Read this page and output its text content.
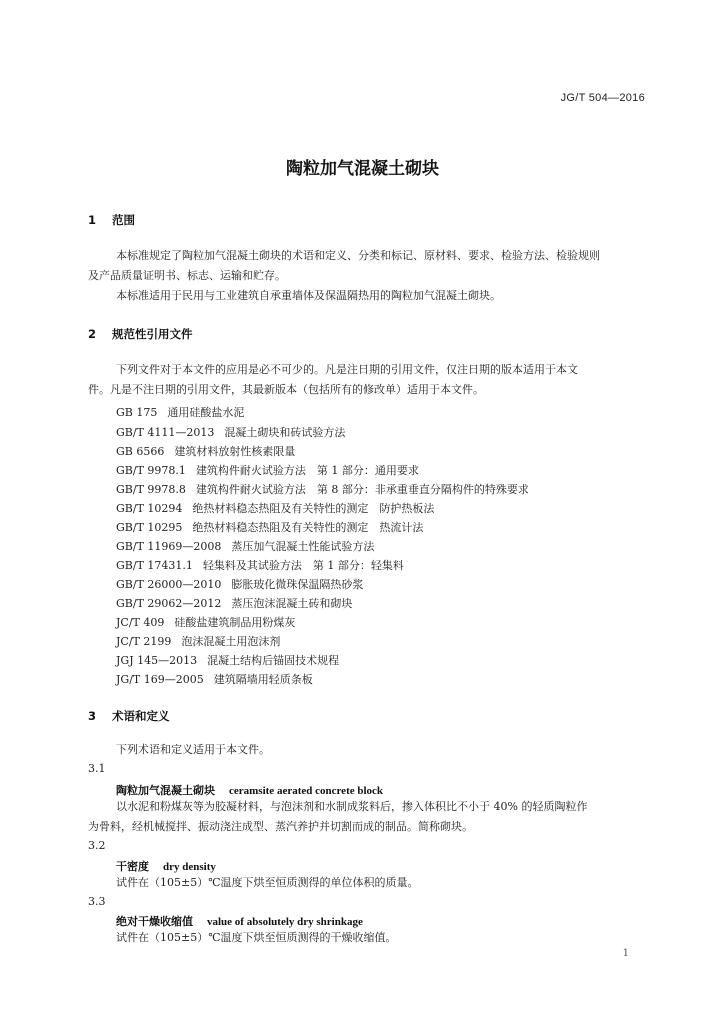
JG/T 504—2016
陶粒加气混凝土砌块
1 范围
本标准规定了陶粒加气混凝土砌块的术语和定义、分类和标记、原材料、要求、检验方法、检验规则
及产品质量证明书、标志、运输和贮存。
本标准适用于民用与工业建筑自承重墙体及保温隔热用的陶粒加气混凝土砌块。
2 规范性引用文件
下列文件对于本文件的应用是必不可少的。凡是注日期的引用文件，仅注日期的版本适用于本文
件。凡是不注日期的引用文件，其最新版本（包括所有的修改单）适用于本文件。
GB 175 通用硅酸盐水泥
GB/T 4111—2013 混凝土砌块和砖试验方法
GB 6566 建筑材料放射性核素限量
GB/T 9978.1 建筑构件耐火试验方法　第 1 部分：通用要求
GB/T 9978.8 建筑构件耐火试验方法　第 8 部分：非承重垂直分隔构件的特殊要求
GB/T 10294 绝热材料稳态热阻及有关特性的测定　防护热板法
GB/T 10295 绝热材料稳态热阻及有关特性的测定　热流计法
GB/T 11969—2008 蒸压加气混凝土性能试验方法
GB/T 17431.1 轻集料及其试验方法　第 1 部分：轻集料
GB/T 26000—2010 膨胀玻化微珠保温隔热砂浆
GB/T 29062—2012 蒸压泡沫混凝土砖和砌块
JC/T 409 硅酸盐建筑制品用粉煤灰
JC/T 2199 泡沫混凝土用泡沫剂
JGJ 145—2013 混凝土结构后锚固技术规程
JG/T 169—2005 建筑隔墙用轻质条板
3 术语和定义
下列术语和定义适用于本文件。
3.1
陶粒加气混凝土砌块 ceramsite aerated concrete block
以水泥和粉煤灰等为胶凝材料，与泡沫剂和水制成浆料后，掺入体积比不小于 40% 的轻质陶粒作
为骨料，经机械搅拌、振动浇注成型、蒸汽养护并切割而成的制品。简称砌块。
3.2
干密度 dry density
试件在（105±5）℃温度下烘至恒质测得的单位体积的质量。
3.3
绝对干燥收缩值 value of absolutely dry shrinkage
试件在（105±5）℃温度下烘至恒质测得的干燥收缩值。
1
